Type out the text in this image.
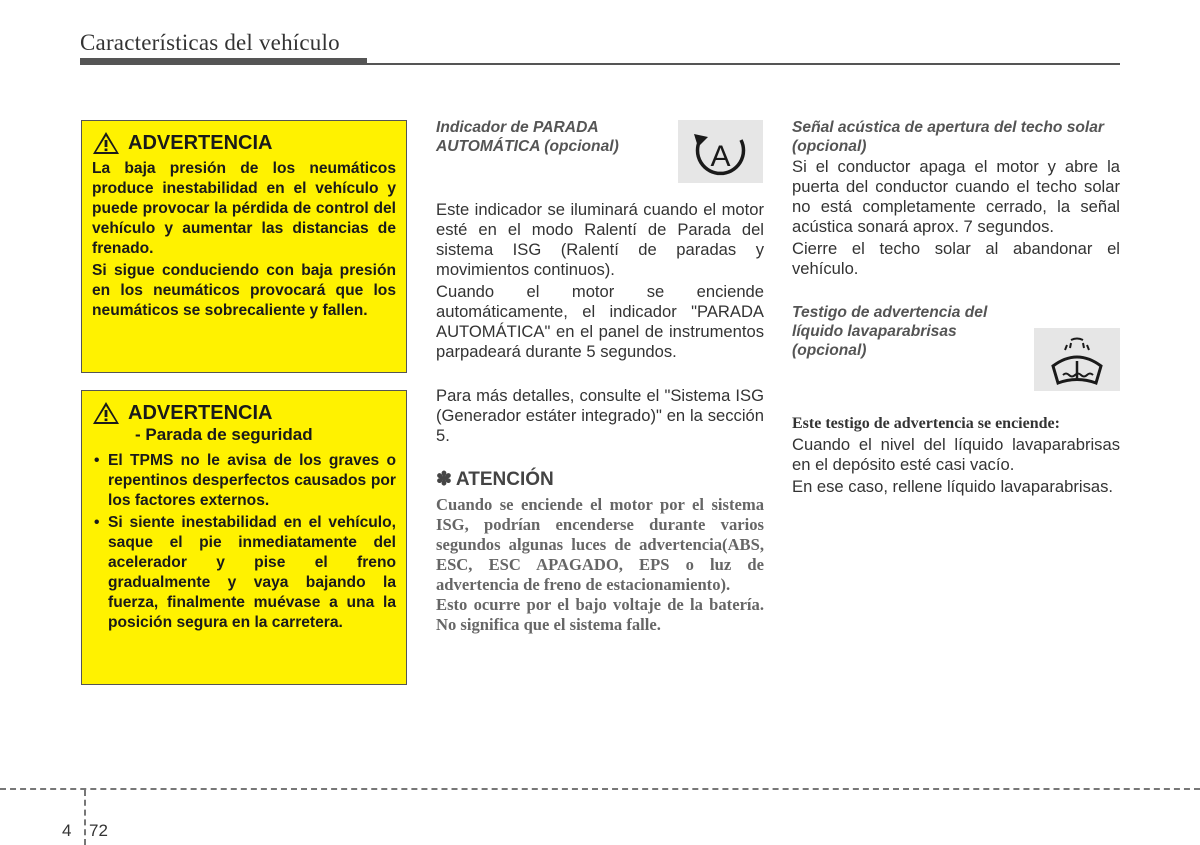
Características del vehículo
ADVERTENCIA

La baja presión de los neumáticos produce inestabilidad en el vehículo y puede provocar la pérdida de control del vehículo y aumentar las distancias de frenado.

Si sigue conduciendo con baja presión en los neumáticos provocará que los neumáticos se sobrecaliente y fallen.

ADVERTENCIA
- Parada de seguridad
• El TPMS no le avisa de los graves o repentinos desperfectos causados por los factores externos.
• Si siente inestabilidad en el vehículo, saque el pie inmediatamente del acelerador y pise el freno gradualmente y vaya bajando la fuerza, finalmente muévase a una la posición segura en la carretera.
Indicador de PARADA AUTOMÁTICA (opcional)	A

Este indicador se iluminará cuando el motor esté en el modo Ralentí de Parada del sistema ISG (Ralentí de paradas y movimientos continuos).

Cuando el motor se enciende automáticamente, el indicador "PARADA AUTOMÁTICA" en el panel de instrumentos parpadeará durante 5 segundos.

Para más detalles, consulte el "Sistema ISG (Generador estáter integrado)" en la sección 5.

✽ ATENCIÓN

Cuando se enciende el motor por el sistema ISG, podrían encenderse durante varios segundos algunas luces de advertencia(ABS, ESC, ESC APAGADO, EPS o luz de advertencia de freno de estacionamiento).

Esto ocurre por el bajo voltaje de la batería. No significa que el sistema falle.

Señal acústica de apertura del techo solar (opcional)

Si el conductor apaga el motor y abre la puerta del conductor cuando el techo solar no está completamente cerrado, la señal acústica sonará aprox. 7 segundos.

Cierre el techo solar al abandonar el vehículo.

Testigo de advertencia del líquido lavaparabrisas (opcional)
Este testigo de advertencia se enciende:

Cuando el nivel del líquido lavaparabrisas en el depósito esté casi vacío.

En ese caso, rellene líquido lavaparabrisas.

4 72
